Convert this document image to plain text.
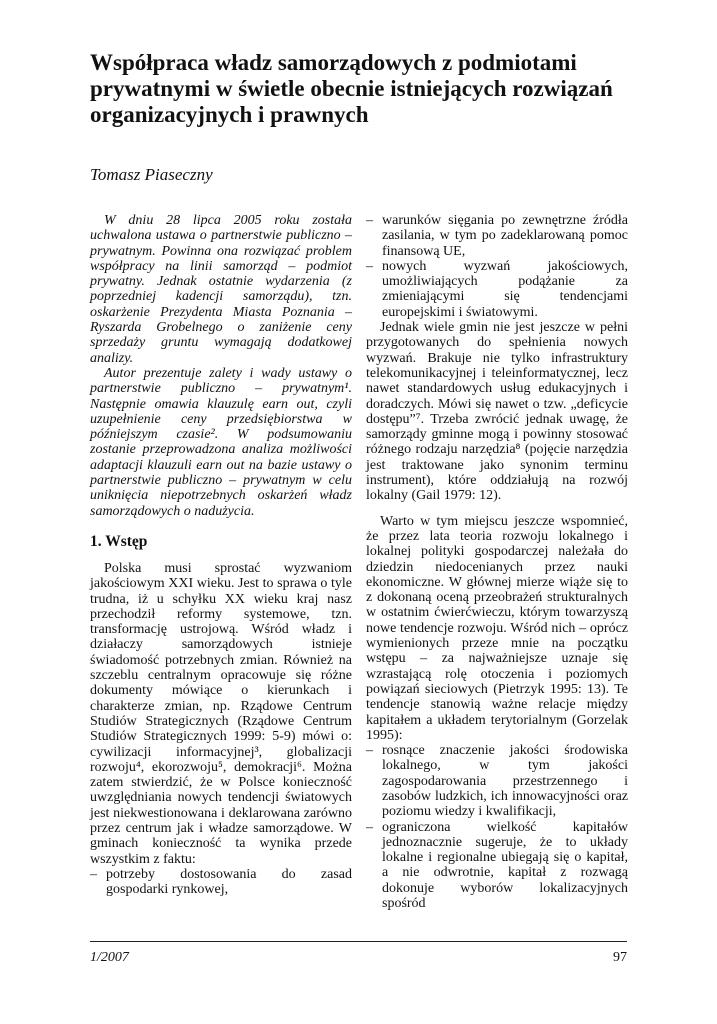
Współpraca władz samorządowych z podmiotami prywatnymi w świetle obecnie istniejących rozwiązań organizacyjnych i prawnych
Tomasz Piaseczny

W dniu 28 lipca 2005 roku została uchwalona ustawa o partnerstwie publiczno – prywatnym. Powinna ona rozwiązać problem współpracy na linii samorząd – podmiot prywatny. Jednak ostatnie wydarzenia (z poprzedniej kadencji samorządu), tzn. oskarżenie Prezydenta Miasta Poznania – Ryszarda Grobelnego o zaniżenie ceny sprzedaży gruntu wymagają dodatkowej analizy.

Autor prezentuje zalety i wady ustawy o partnerstwie publiczno – prywatnym¹. Następnie omawia klauzulę earn out, czyli uzupełnienie ceny przedsiębiorstwa w późniejszym czasie². W podsumowaniu zostanie przeprowadzona analiza możliwości adaptacji klauzuli earn out na bazie ustawy o partnerstwie publiczno – prywatnym w celu uniknięcia niepotrzebnych oskarżeń władz samorządowych o nadużycia.

1. Wstęp

Polska musi sprostać wyzwaniom jakościowym XXI wieku. Jest to sprawa o tyle trudna, iż u schyłku XX wieku kraj nasz przechodził reformy systemowe, tzn. transformację ustrojową. Wśród władz i działaczy samorządowych istnieje świadomość potrzebnych zmian. Również na szczeblu centralnym opracowuje się różne dokumenty mówiące o kierunkach i charakterze zmian, np. Rządowe Centrum Studiów Strategicznych (Rządowe Centrum Studiów Strategicznych 1999: 5-9) mówi o: cywilizacji informacyjnej³, globalizacji rozwoju⁴, ekorozwoju⁵, demokracji⁶. Można zatem stwierdzić, że w Polsce konieczność uwzględniania nowych tendencji światowych jest niekwestionowana i deklarowana zarówno przez centrum jak i władze samorządowe. W gminach konieczność ta wynika przede wszystkim z faktu:

– potrzeby dostosowania do zasad gospodarki rynkowej,
– warunków sięgania po zewnętrzne źródła zasilania, w tym po zadeklarowaną pomoc finansową UE,
– nowych wyzwań jakościowych, umożliwiających podążanie za zmieniającymi się tendencjami europejskimi i światowymi.

Jednak wiele gmin nie jest jeszcze w pełni przygotowanych do spełnienia nowych wyzwań. Brakuje nie tylko infrastruktury telekomunikacyjnej i teleinformatycznej, lecz nawet standardowych usług edukacyjnych i doradczych. Mówi się nawet o tzw. „deficycie dostępu”⁷. Trzeba zwrócić jednak uwagę, że samorządy gminne mogą i powinny stosować różnego rodzaju narzędzia⁸ (pojęcie narzędzia jest traktowane jako synonim terminu instrument), które oddziałują na rozwój lokalny (Gail 1979: 12).

Warto w tym miejscu jeszcze wspomnieć, że przez lata teoria rozwoju lokalnego i lokalnej polityki gospodarczej należała do dziedzin niedocenianych przez nauki ekonomiczne. W głównej mierze wiąże się to z dokonaną oceną przeobrażeń strukturalnych w ostatnim ćwierćwieczu, którym towarzyszą nowe tendencje rozwoju. Wśród nich – oprócz wymienionych przeze mnie na początku wstępu – za najważniejsze uznaje się wzrastającą rolę otoczenia i poziomych powiązań sieciowych (Pietrzyk 1995: 13). Te tendencje stanowią ważne relacje między kapitałem a układem terytorialnym (Gorzelak 1995):

– rosnące znaczenie jakości środowiska lokalnego, w tym jakości zagospodarowania przestrzennego i zasobów ludzkich, ich innowacyjności oraz poziomu wiedzy i kwalifikacji,
– ograniczona wielkość kapitałów jednoznacznie sugeruje, że to układy lokalne i regionalne ubiegają się o kapitał, a nie odwrotnie, kapitał z rozwagą dokonuje wyborów lokalizacyjnych spośród
1/2007	97
